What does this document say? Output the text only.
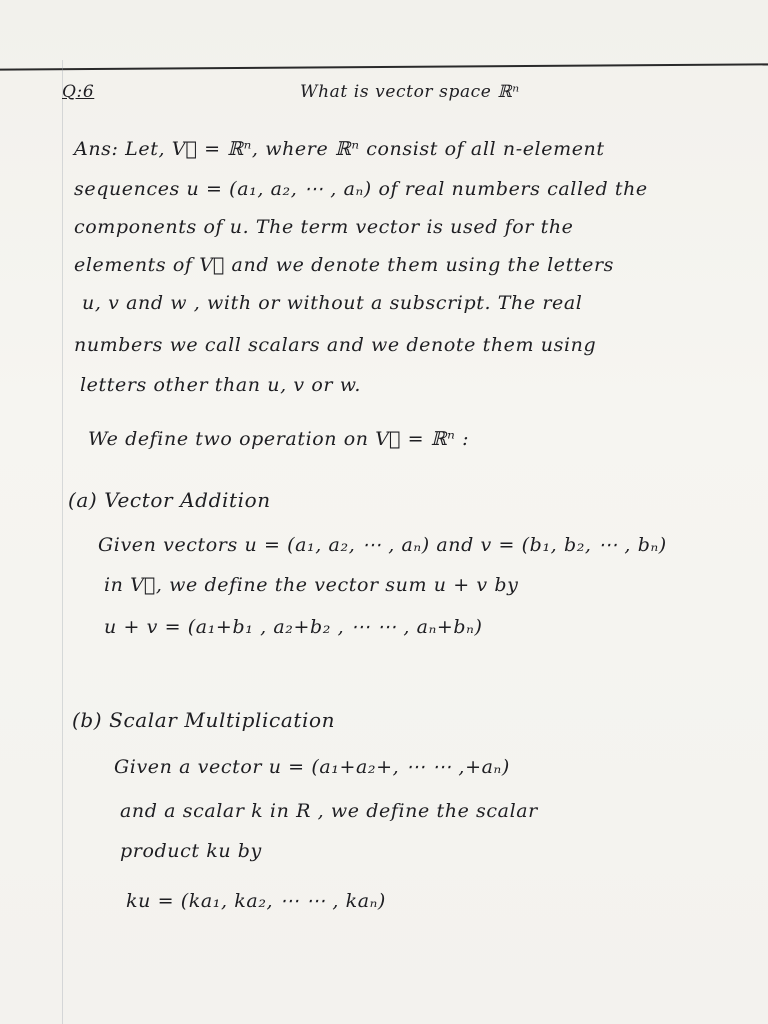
Q:6	What is vector space ℝⁿ
Ans: Let, V⃗ = ℝⁿ, where ℝⁿ consist of all n-element
sequences u = (a₁, a₂, ⋯ , aₙ) of real numbers called the
components of u. The term vector is used for the
elements of V⃗ and we denote them using the letters
u, v and w , with or without a subscript. The real
numbers we call scalars and we denote them using
letters other than u, v or w.
We define two operation on V⃗ = ℝⁿ :
(a) Vector Addition
Given vectors u = (a₁, a₂, ⋯ , aₙ) and v = (b₁, b₂, ⋯ , bₙ)
in V⃗, we define the vector sum u + v by
u + v = (a₁+b₁ , a₂+b₂ , ⋯ ⋯ , aₙ+bₙ)
(b) Scalar Multiplication
Given a vector u = (a₁+a₂+, ⋯ ⋯ ,+aₙ)
and a scalar k in R , we define the scalar
product ku by
ku = (ka₁, ka₂, ⋯ ⋯ , kaₙ)
